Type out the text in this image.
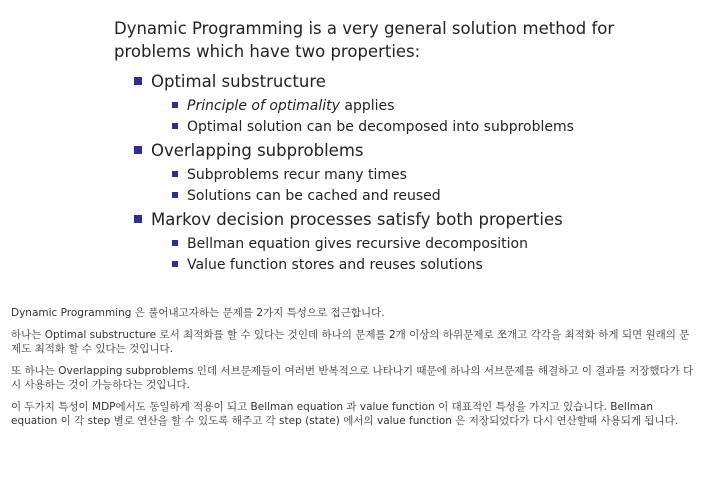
Dynamic Programming is a very general solution method for problems which have two properties:
Optimal substructure
Principle of optimality applies
Optimal solution can be decomposed into subproblems
Overlapping subproblems
Subproblems recur many times
Solutions can be cached and reused
Markov decision processes satisfy both properties
Bellman equation gives recursive decomposition
Value function stores and reuses solutions

Dynamic Programming 은 풀어내고자하는 문제를 2가지 특성으로 접근합니다.

하나는 Optimal substructure 로서 최적화를 할 수 있다는 것인데 하나의 문제를 2개 이상의 하위문제로 쪼개고 각각을 최적화 하게 되면 원래의 문제도 최적화 할 수 있다는 것입니다.

또 하나는 Overlapping subproblems 인데 서브문제들이 여러번 반복적으로 나타나기 때문에 하나의 서브문제를 해결하고 이 결과를 저장했다가 다시 사용하는 것이 가능하다는 것입니다.

이 두가지 특성이 MDP에서도 동일하게 적용이 되고 Bellman equation 과 value function 이 대표적인 특성을 가지고 있습니다. Bellman equation 이 각 step 별로 연산을 할 수 있도록 해주고 각 step (state) 에서의 value function 은 저장되었다가 다시 연산할때 사용되게 됩니다.
